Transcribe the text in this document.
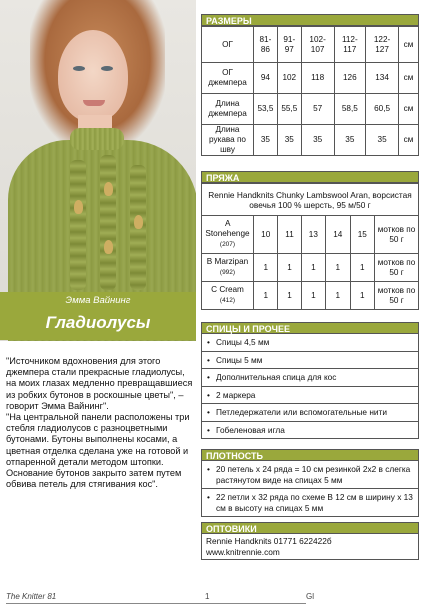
Эмма Вайнинг
Гладиолусы

"Источником вдохновения для этого джемпера стали прекрасные гладиолусы, на моих глазах медленно превращавшиеся из робких бутонов в роскошные цветы", – говорит Эмма Вайнинг".

"На центральной панели расположены три стебля гладиолусов с разноцветными бутонами. Бутоны выполнены косами, а цветная отделка сделана уже на готовой и отпаренной детали методом штопки. Основание бутонов закрыто затем путем обвива петель для стягивания кос".

РАЗМЕРЫ
ОГ	81-86	91-97	102-107	112-117	122-127	см
ОГ джемпера	94	102	118	126	134	см
Длина джемпера	53,5	55,5	57	58,5	60,5	см
Длина рукава по шву	35	35	35	35	35	см
ПРЯЖА
Rennie Handknits Chunky Lambswool Aran, ворсистая овечья 100 % шерсть, 95 м/50 г						
A Stonehenge
(207)	10	11	13	14	15	мотков по 50 г
B Marzipan
(992)	1	1	1	1	1	мотков по 50 г
C Cream
(412)	1	1	1	1	1	мотков по 50 г
СПИЦЫ И ПРОЧЕЕ
• Спицы 4,5 мм
• Спицы 5 мм
• Дополнительная спица для кос
• 2 маркера
• Петледержатели или вспомогательные нити
• Гобеленовая игла
ПЛОТНОСТЬ
• 20 петель х 24 ряда = 10 см резинкой 2х2 в слегка растянутом виде на спицах 5 мм
• 22 петли х 32 ряда по схеме В 12 см в ширину х 13 см в высоту на спицах 5 мм
ОПТОВИКИ
Rennie Handknits 01771 622422б
www.knitrennie.com
The Knitter 81	1	Gl
